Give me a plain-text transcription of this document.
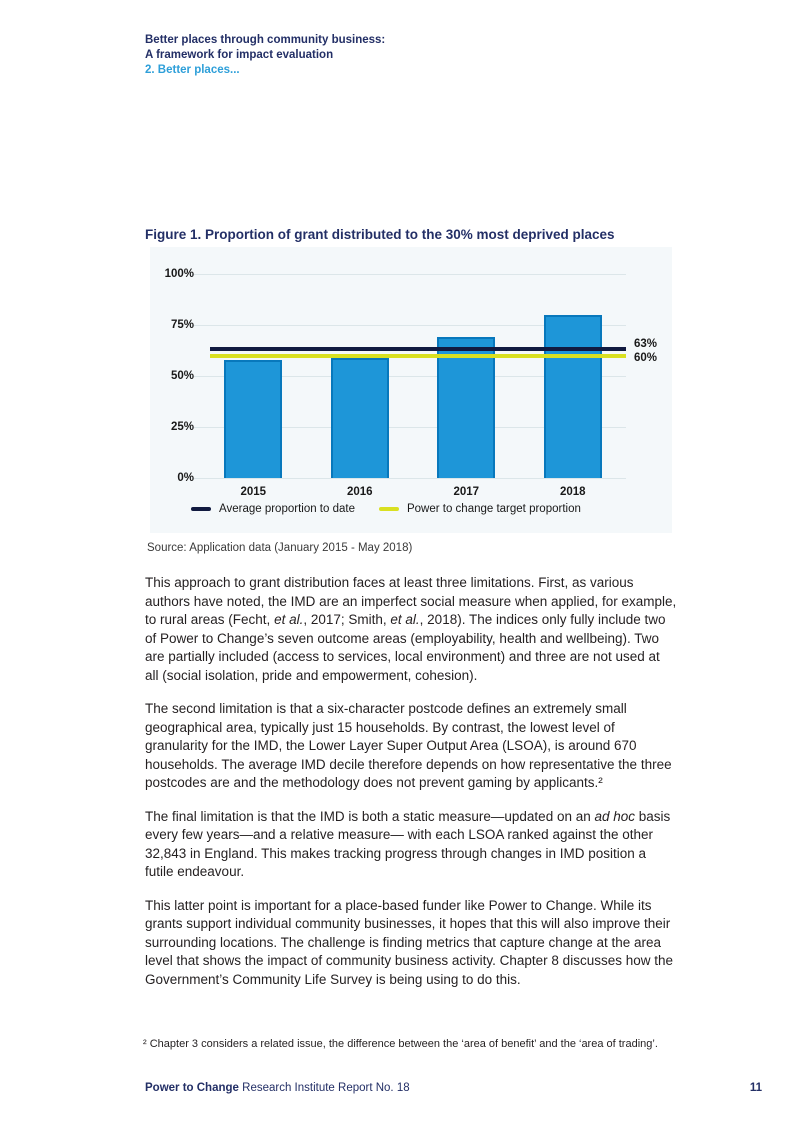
Better places through community business:
A framework for impact evaluation
2. Better places...
Figure 1. Proportion of grant distributed to the 30% most deprived places
63%
60%
0%
25%
50%
75%
100%
2015	2016	2017	2018
Average proportion to date	Power to change target proportion
Source: Application data (January 2015 - May 2018)

This approach to grant distribution faces at least three limitations. First, as various authors have noted, the IMD are an imperfect social measure when applied, for example, to rural areas (Fecht, et al., 2017; Smith, et al., 2018). The indices only fully include two of Power to Change’s seven outcome areas (employability, health and wellbeing). Two are partially included (access to services, local environment) and three are not used at all (social isolation, pride and empowerment, cohesion).

The second limitation is that a six-character postcode defines an extremely small geographical area, typically just 15 households. By contrast, the lowest level of granularity for the IMD, the Lower Layer Super Output Area (LSOA), is around 670 households. The average IMD decile therefore depends on how representative the three postcodes are and the methodology does not prevent gaming by applicants.²

The final limitation is that the IMD is both a static measure—updated on an ad hoc basis every few years—and a relative measure— with each LSOA ranked against the other 32,843 in England. This makes tracking progress through changes in IMD position a futile endeavour.

This latter point is important for a place-based funder like Power to Change. While its grants support individual community businesses, it hopes that this will also improve their surrounding locations. The challenge is finding metrics that capture change at the area level that shows the impact of community business activity. Chapter 8 discusses how the Government’s Community Life Survey is being using to do this.

² Chapter 3 considers a related issue, the difference between the ‘area of benefit’ and the ‘area of trading’.
Power to Change Research Institute Report No. 18	11
